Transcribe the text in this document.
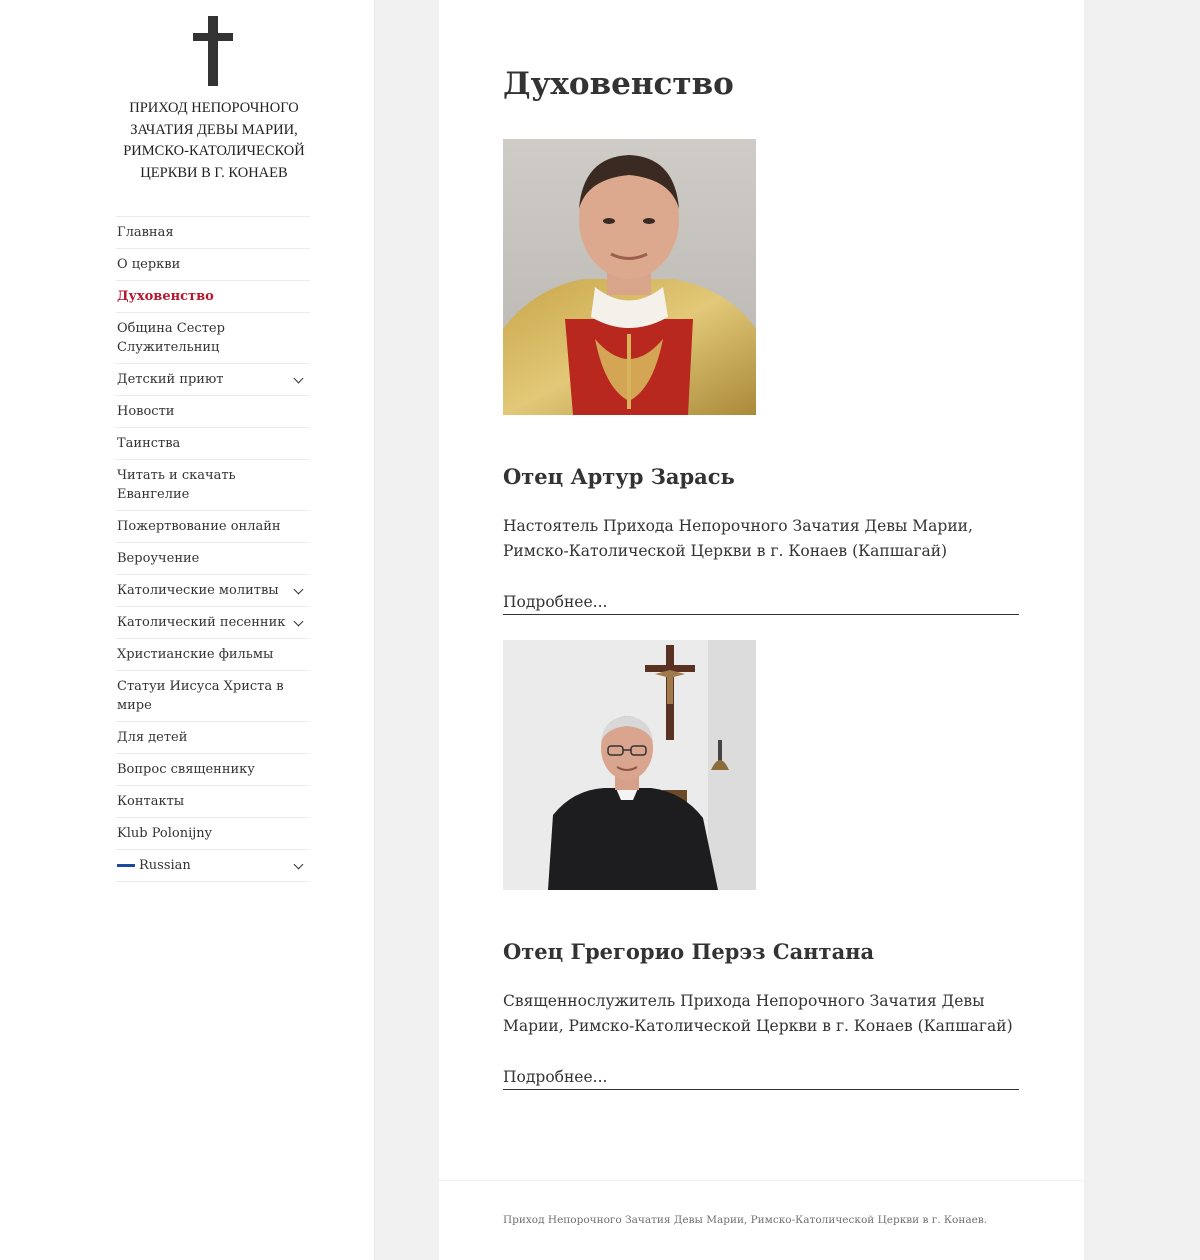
ПРИХОД НЕПОРОЧНОГО ЗАЧАТИЯ ДЕВЫ МАРИИ, РИМСКО-КАТОЛИЧЕСКОЙ ЦЕРКВИ В Г. КОНАЕВ
Главная
О церкви
Духовенство
Община Сестер Служительниц
Детский приют
Новости
Таинства
Читать и скачать Евангелие
Пожертвование онлайн
Вероучение
Католические молитвы
Католический песенник
Христианские фильмы
Статуи Иисуса Христа в мире
Для детей
Вопрос священнику
Контакты
Klub Polonijny
Russian
Духовенство
Отец Артур Зарась

Настоятель Прихода Непорочного Зачатия Девы Марии, Римско-Католической Церкви в г. Конаев (Капшагай)

Подробнее...
Отец Грегорио Перэз Сантана

Священнослужитель Прихода Непорочного Зачатия Девы Марии, Римско-Католической Церкви в г. Конаев (Капшагай)

Подробнее...
Приход Непорочного Зачатия Девы Марии, Римско-Католической Церкви в г. Конаев.
